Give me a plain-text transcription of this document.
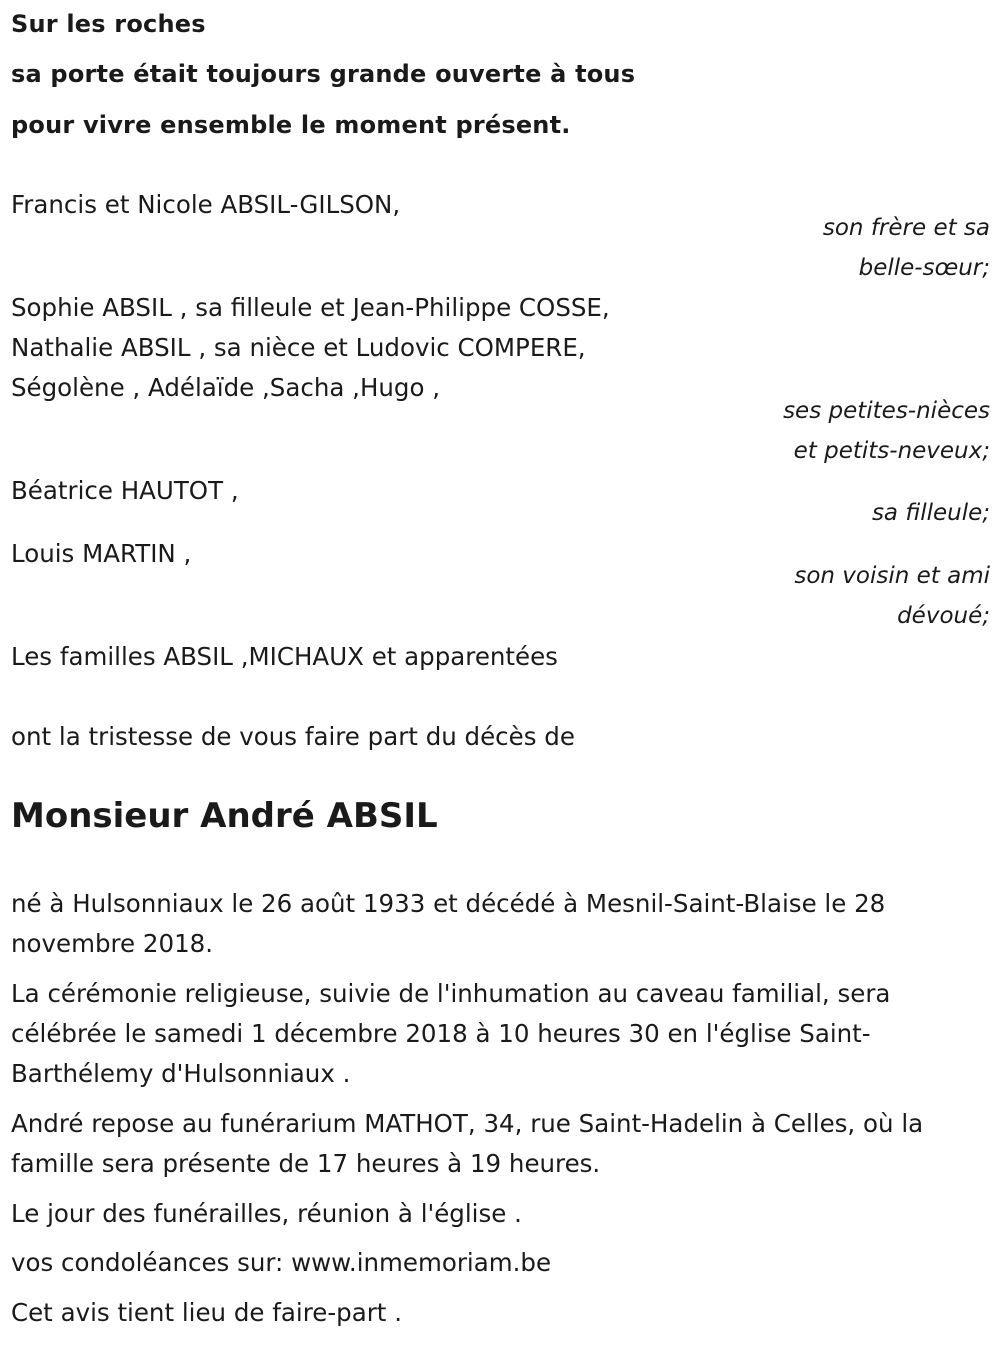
Sur les roches
sa porte était toujours grande ouverte à tous
pour vivre ensemble le moment présent.
Francis et Nicole ABSIL-GILSON,
son frère et sa
belle-sœur;
Sophie ABSIL , sa filleule et Jean-Philippe COSSE,
Nathalie ABSIL , sa nièce et Ludovic COMPERE,
Ségolène , Adélaïde ,Sacha ,Hugo ,
ses petites-nièces
et petits-neveux;
Béatrice HAUTOT ,
sa filleule;
Louis MARTIN ,
son voisin et ami
dévoué;
Les familles ABSIL ,MICHAUX et apparentées
ont la tristesse de vous faire part du décès de
Monsieur André ABSIL
né à Hulsonniaux le 26 août 1933 et décédé à Mesnil-Saint-Blaise le 28 novembre 2018.
La cérémonie religieuse, suivie de l'inhumation au caveau familial, sera célébrée le samedi 1 décembre 2018 à 10 heures 30 en l'église Saint-Barthélemy d'Hulsonniaux .
André repose au funérarium MATHOT, 34, rue Saint-Hadelin à Celles, où la famille sera présente de 17 heures à 19 heures.
Le jour des funérailles, réunion à l'église .
vos condoléances sur: www.inmemoriam.be
Cet avis tient lieu de faire-part .
